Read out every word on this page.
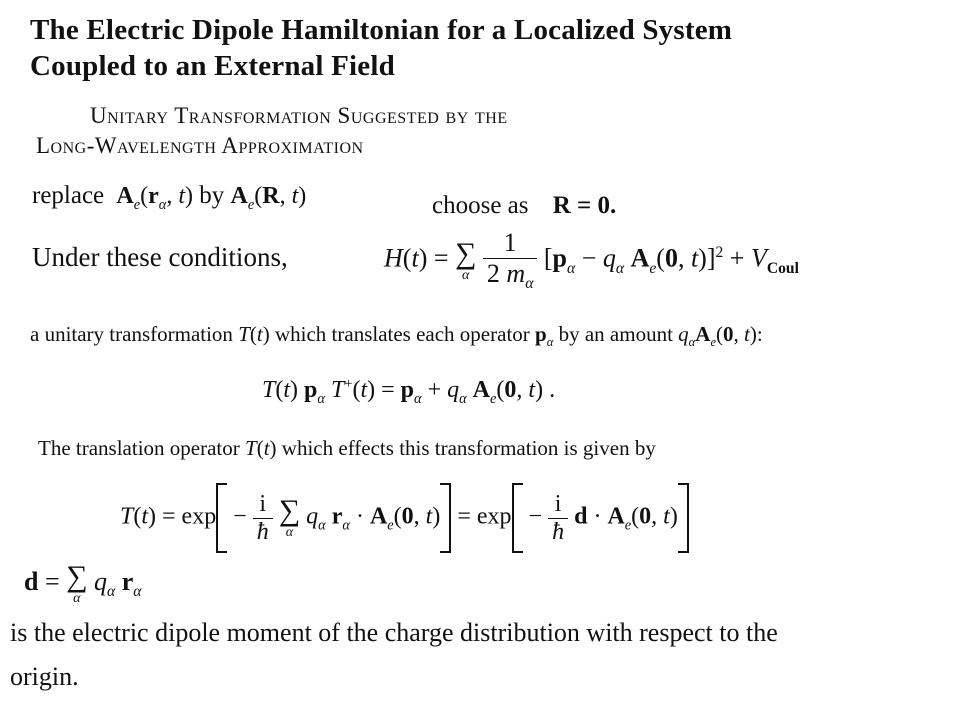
The Electric Dipole Hamiltonian for a Localized System
Coupled to an External Field
Unitary Transformation Suggested by the
Long-Wavelength Approximation
replace $A_e(r_\alpha$, t) by $A_e(R$, t)	choose as R = 0.
Under these conditions,	H(t) = ∑
α
$\frac{1}{2 m_\alpha} [p_\alpha - q_\alpha$ $A_e(0$, $t)]^2 + V_{Coul}$
a unitary transformation T(t) which translates each operator $p_\alpha$ by an amount $q_\alpha A_e(0$, t):
T(t) $p_\alpha$ $T^+(t) = p_\alpha + q_\alpha$ $A_e(0$, t) .
The translation operator T(t) which effects this transformation is given by
$T(t) = \exp - \frac{i}{ħ}$
∑
α
$q_\alpha$ $r_\alpha \cdot A_e(0$, $t) = \exp - \frac{i}{ħ}$ $d \cdot A_e(0$, t)
d = ∑
α
$q_\alpha$ $r_\alpha$
is the electric dipole moment of the charge distribution with respect to the
origin.
